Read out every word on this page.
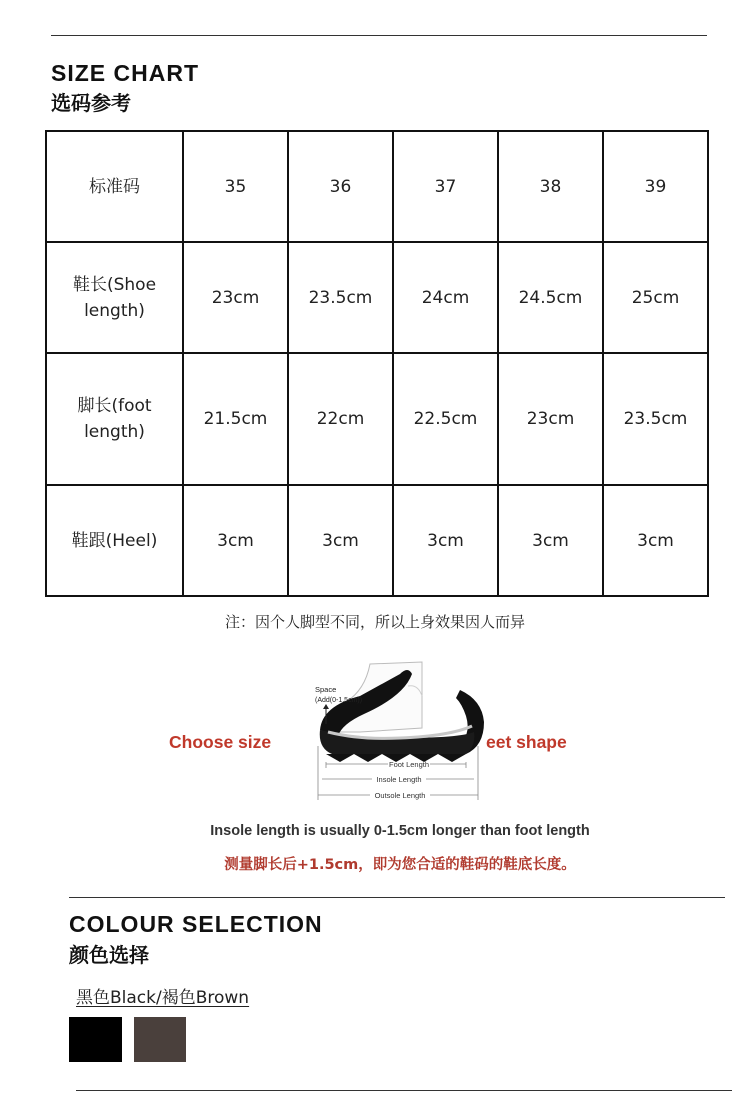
SIZE CHART
选码参考
标准码	35	36	37	38	39
鞋长(Shoe length)	23cm	23.5cm	24cm	24.5cm	25cm
脚长(foot length)	21.5cm	22cm	22.5cm	23cm	23.5cm
鞋跟(Heel)	3cm	3cm	3cm	3cm	3cm
注：因个人脚型不同，所以上身效果因人而异
Choose size	eet shape
Space
(Add(0-1.5cm))
Foot Length
Insole Length
Outsole Length
Insole length is usually 0-1.5cm longer than foot length
测量脚长后+1.5cm，即为您合适的鞋码的鞋底长度。
COLOUR SELECTION
颜色选择
黑色Black/褐色Brown
